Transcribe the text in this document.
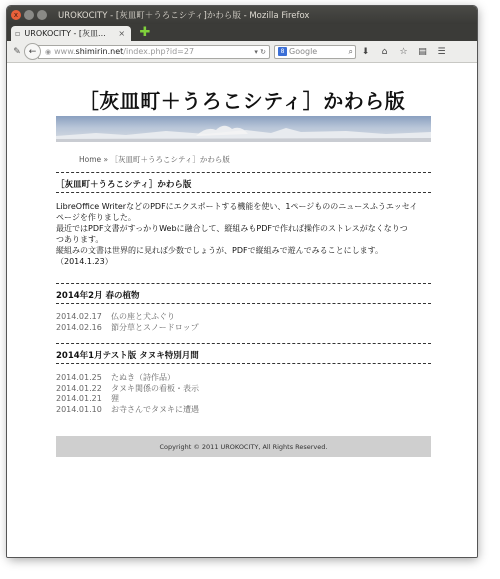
x	UROKOCITY - [灰皿町＋うろこシティ]かわら版 - Mozilla Firefox
▫ UROKOCITY - [灰皿...	× ✚
✎ ←	◉ www. shimirin.net /index.php?id=27	▾ ↻	8 Google	⌕ ⬇	⌂	☆	▤	☰
［灰皿町＋うろこシティ］かわら版
Home » ［灰皿町＋うろこシティ］かわら版
［灰皿町＋うろこシティ］かわら版

LibreOffice WriterなどのPDFにエクスポートする機能を使い、1ページもののニュースふうエッセイ

ページを作りました。

最近ではPDF文書がすっかりWebに融合して、縦組みもPDFで作れば操作のストレスがなくなりつ

つあります。

縦組みの文書は世界的に見れば少数でしょうが、PDFで縦組みで遊んでみることにします。

（2014.1.23）

2014年2月 春の植物
2014.02.17	仏の座と犬ふぐり
2014.02.16	節分草とスノードロップ
2014年1月テスト版 タヌキ特別月間
2014.01.25	たぬき（詩作品）
2014.01.22	タヌキ関係の看板・表示
2014.01.21	狸
2014.01.10	お寺さんでタヌキに遭遇
Copyright © 2011 UROKOCITY, All Rights Reserved.
